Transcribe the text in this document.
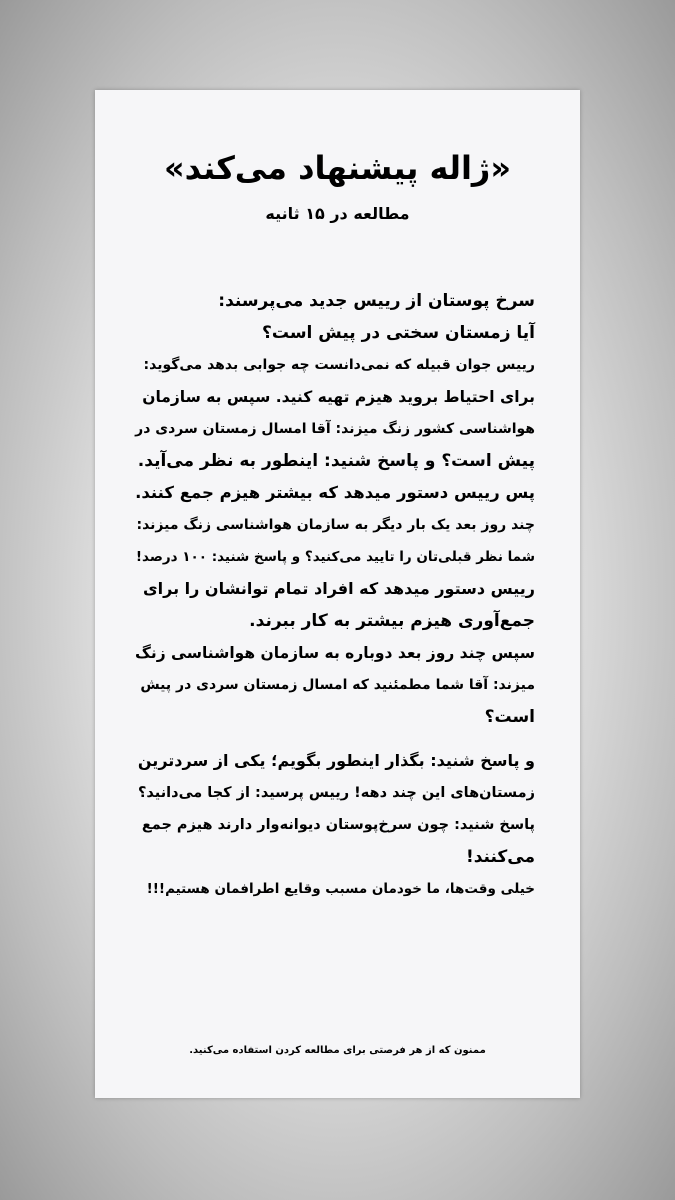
«ژاله پیشنهاد می‌کند»
مطالعه در ۱۵ ثانیه
سرخ پوستان از رییس جدید می‌پرسند:
آیا زمستان سختی در پیش است؟
رییس جوان قبیله که نمی‌دانست چه جوابی بدهد می‌گوید:
برای احتیاط بروید هیزم تهیه کنید. سپس به سازمان
هواشناسی کشور زنگ میزند: آقا امسال زمستان سردی در
پیش است؟ و پاسخ شنید: اینطور به نظر می‌آید.
پس رییس دستور میدهد که بیشتر هیزم جمع کنند.
چند روز بعد یک بار دیگر به سازمان هواشناسی زنگ میزند:
شما نظر قبلی‌تان را تایید می‌کنید؟ و پاسخ شنید: ۱۰۰ درصد!
رییس دستور میدهد که افراد تمام توانشان را برای
جمع‌آوری هیزم بیشتر به کار ببرند.
سپس چند روز بعد دوباره به سازمان هواشناسی زنگ
میزند: آقا شما مطمئنید که امسال زمستان سردی در پیش
است؟
و پاسخ شنید: بگذار اینطور بگویم؛ یکی از سردترین
زمستان‌های این چند دهه! رییس پرسید: از کجا می‌دانید؟
پاسخ شنید: چون سرخ‌پوستان دیوانه‌وار دارند هیزم جمع
می‌کنند!
خیلی وقت‌ها، ما خودمان مسبب وقایع اطرافمان هستیم!!!
ممنون که از هر فرصتی برای مطالعه کردن استفاده می‌کنید.
